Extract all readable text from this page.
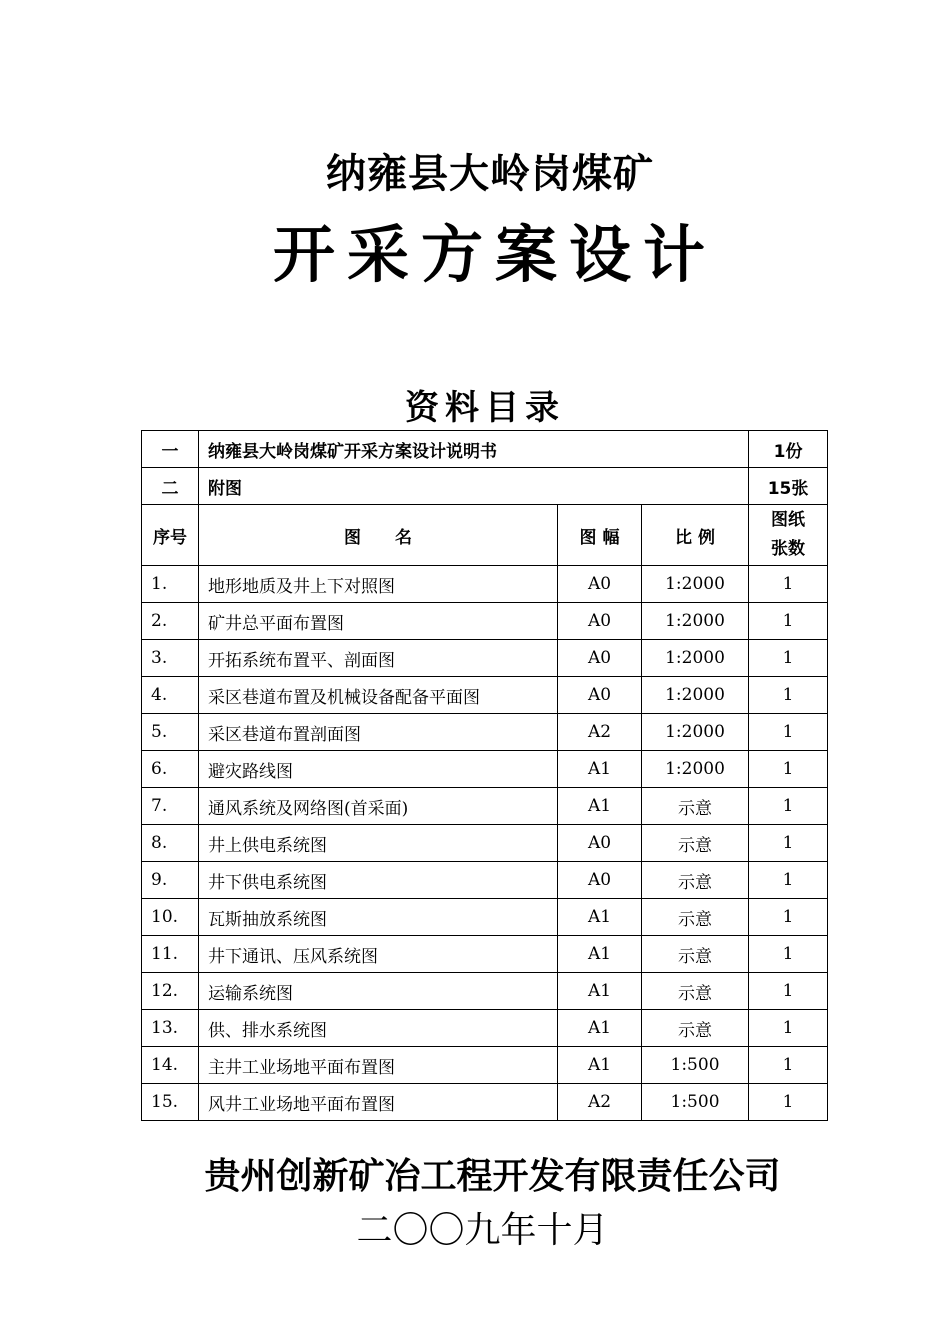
纳雍县大岭岗煤矿
开采方案设计
资料目录
一	纳雍县大岭岗煤矿开采方案设计说明书			1份
二	附图			15张
序号	图　　名	图 幅	比 例	图纸
张数

1.	地形地质及井上下对照图	A0	1:2000	1
2.	矿井总平面布置图	A0	1:2000	1
3.	开拓系统布置平、剖面图	A0	1:2000	1
4.	采区巷道布置及机械设备配备平面图	A0	1:2000	1
5.	采区巷道布置剖面图	A2	1:2000	1
6.	避灾路线图	A1	1:2000	1
7.	通风系统及网络图(首采面)	A1	示意	1
8.	井上供电系统图	A0	示意	1
9.	井下供电系统图	A0	示意	1
10.	瓦斯抽放系统图	A1	示意	1
11.	井下通讯、压风系统图	A1	示意	1
12.	运输系统图	A1	示意	1
13.	供、排水系统图	A1	示意	1
14.	主井工业场地平面布置图	A1	1:500	1
15.	风井工业场地平面布置图	A2	1:500	1
贵州创新矿冶工程开发有限责任公司
二〇〇九年十月
